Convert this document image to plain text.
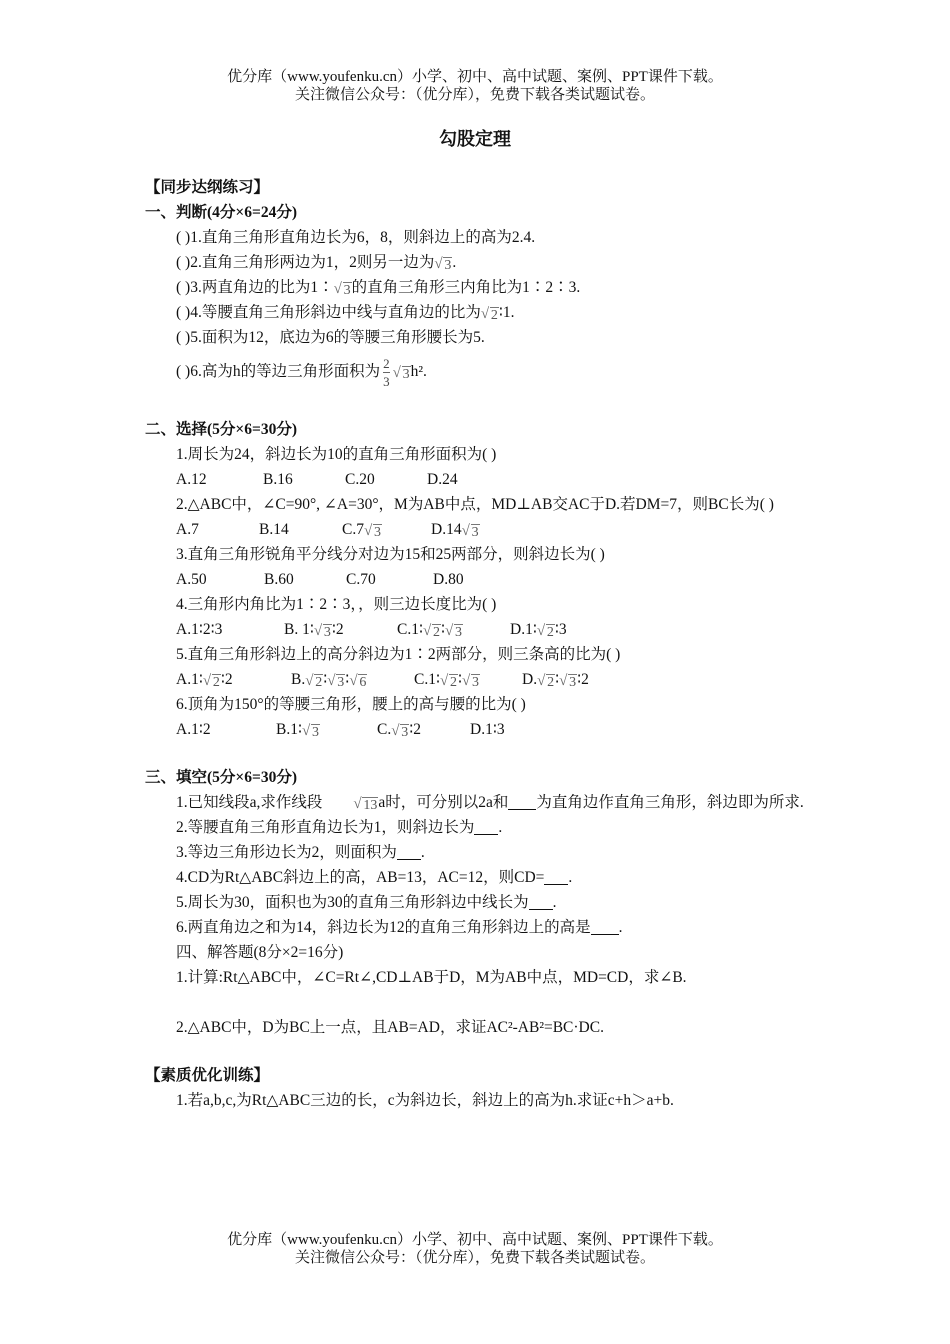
优分库（www.youfenku.cn）小学、初中、高中试题、案例、PPT课件下载。
关注微信公众号：（优分库），免费下载各类试题试卷。
勾股定理
【同步达纲练习】
一、判断(4分×6=24分)
( )1.直角三角形直角边长为6，8，则斜边上的高为2.4.
( )2.直角三角形两边为1，2则另一边为 √ 3.
( )3.两直角边的比为1∶ √ 3的直角三角形三内角比为1∶2∶3.
( )4.等腰直角三角形斜边中线与直角边的比为 √ 2∶1.
( )5.面积为12，底边为6的等腰三角形腰长为5.
( )6.高为h的等边三角形面积为 $\frac{2}{3}$ √ 3h².
二、选择(5分×6=30分)
1.周长为24，斜边长为10的直角三角形面积为( )
A.12	B.16	C.20	D.24
2.△ABC中，∠C=90°, ∠A=30°，M为AB中点，MD⊥AB交AC于D.若DM=7，则BC长为( )
A.7	B.14	C.7 √ 3	D.14 √ 3
3.直角三角形锐角平分线分对边为15和25两部分，则斜边长为( )
A.50	B.60	C.70	D.80
4.三角形内角比为1∶2∶3，，则三边长度比为( )
A.1∶2∶3	B. 1∶ √ 3∶2	C.1∶ √ 2∶ √ 3	D.1∶ √ 2∶3
5.直角三角形斜边上的高分斜边为1∶2两部分，则三条高的比为( )
A.1∶ √ 2∶2	B. √ 2∶ √ 3∶ √ 6	C.1∶ √ 2∶ √ 3	D. √ 2∶ √ 3∶2
6.顶角为150°的等腰三角形，腰上的高与腰的比为( )
A.1∶2	B.1∶ √ 3	C. √ 3∶2	D.1∶3
三、填空(5分×6=30分)
1.已知线段a,求作线段	√ 13a时，可分别以2a和 为直角边作直角三角形，斜边即为所求.
2.等腰直角三角形直角边长为1，则斜边长为 .
3.等边三角形边长为2，则面积为 .
4.CD为Rt△ABC斜边上的高，AB=13，AC=12，则CD= .
5.周长为30，面积也为30的直角三角形斜边中线长为 .
6.两直角边之和为14，斜边长为12的直角三角形斜边上的高是 .
四、解答题(8分×2=16分)
1.计算:Rt△ABC中，∠C=Rt∠,CD⊥AB于D，M为AB中点，MD=CD，求∠B.
2.△ABC中，D为BC上一点，且AB=AD，求证AC²-AB²=BC·DC.
【素质优化训练】
1.若a,b,c,为Rt△ABC三边的长，c为斜边长，斜边上的高为h.求证c+h＞a+b.
优分库（www.youfenku.cn）小学、初中、高中试题、案例、PPT课件下载。
关注微信公众号：（优分库），免费下载各类试题试卷。
